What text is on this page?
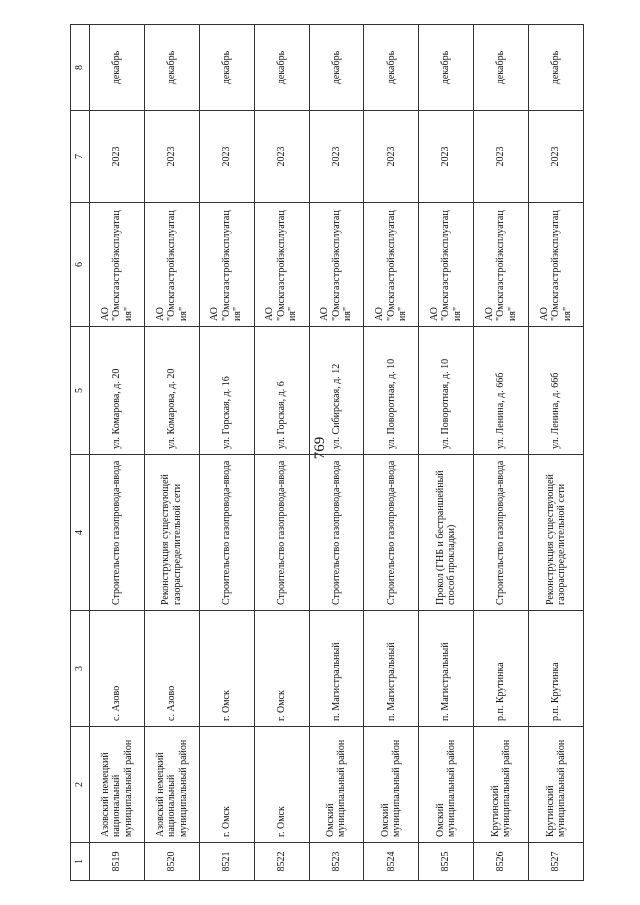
769
1	2	3	4	5	6	7	8
8519	Азовский немецкий национальный муниципальный район	с. Азово	Строительство газопровода-ввода	ул. Комарова, д. 20	АО "Омскгазстройэксплуатация"	2023	декабрь
8520	Азовский немецкий национальный муниципальный район	с. Азово	Реконструкция существующей газораспределительной сети	ул. Комарова, д. 20	АО "Омскгазстройэксплуатация"	2023	декабрь
8521	г. Омск	г. Омск	Строительство газопровода-ввода	ул. Горская, д. 16	АО "Омскгазстройэксплуатация"	2023	декабрь
8522	г. Омск	г. Омск	Строительство газопровода-ввода	ул. Горская, д. 6	АО "Омскгазстройэксплуатация"	2023	декабрь
8523	Омский муниципальный район	п. Магистральный	Строительство газопровода-ввода	ул. Сибирская, д. 12	АО "Омскгазстройэксплуатация"	2023	декабрь
8524	Омский муниципальный район	п. Магистральный	Строительство газопровода-ввода	ул. Поворотная, д. 10	АО "Омскгазстройэксплуатация"	2023	декабрь
8525	Омский муниципальный район	п. Магистральный	Прокол (ГНБ и бестраншейный способ прокладки)	ул. Поворотная, д. 10	АО "Омскгазстройэксплуатация"	2023	декабрь
8526	Крутинский муниципальный район	р.п. Крутинка	Строительство газопровода-ввода	ул. Ленина, д. 66б	АО "Омскгазстройэксплуатация"	2023	декабрь
8527	Крутинский муниципальный район	р.п. Крутинка	Реконструкция существующей газораспределительной сети	ул. Ленина, д. 66б	АО "Омскгазстройэксплуатация"	2023	декабрь
